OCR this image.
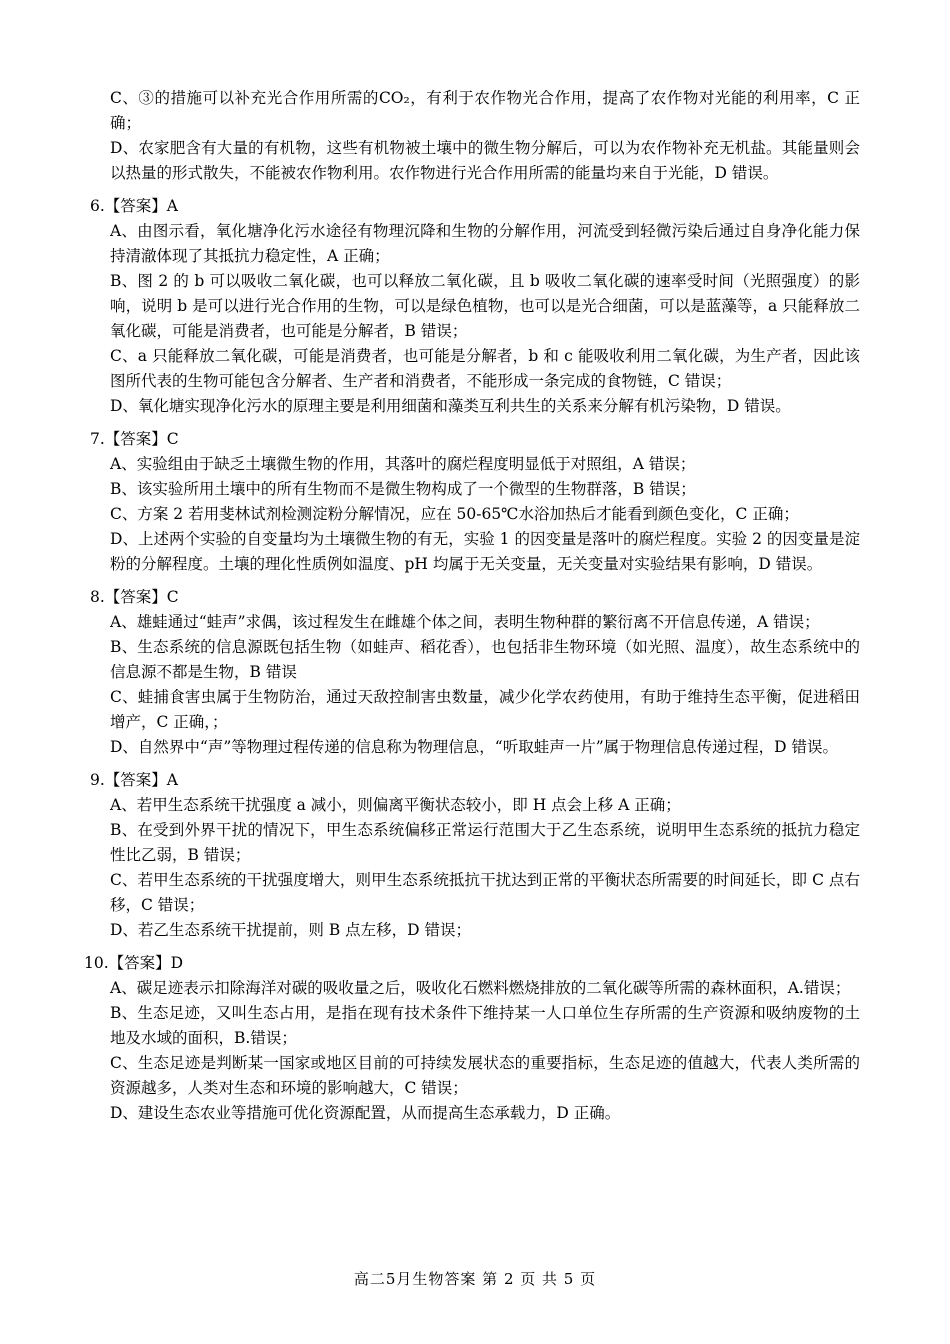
C、③的措施可以补充光合作用所需的CO₂，有利于农作物光合作用，提高了农作物对光能的利用率，C 正确；
D、农家肥含有大量的有机物，这些有机物被土壤中的微生物分解后，可以为农作物补充无机盐。其能量则会以热量的形式散失，不能被农作物利用。农作物进行光合作用所需的能量均来自于光能，D 错误。
6.【答案】A
A、由图示看，氧化塘净化污水途径有物理沉降和生物的分解作用，河流受到轻微污染后通过自身净化能力保持清澈体现了其抵抗力稳定性，A 正确；
B、图 2 的 b 可以吸收二氧化碳，也可以释放二氧化碳，且 b 吸收二氧化碳的速率受时间（光照强度）的影响，说明 b 是可以进行光合作用的生物，可以是绿色植物，也可以是光合细菌，可以是蓝藻等，a 只能释放二氧化碳，可能是消费者，也可能是分解者，B 错误；
C、a 只能释放二氧化碳，可能是消费者，也可能是分解者，b 和 c 能吸收利用二氧化碳，为生产者，因此该图所代表的生物可能包含分解者、生产者和消费者，不能形成一条完成的食物链，C 错误；
D、氧化塘实现净化污水的原理主要是利用细菌和藻类互利共生的关系来分解有机污染物，D 错误。
7.【答案】C
A、实验组由于缺乏土壤微生物的作用，其落叶的腐烂程度明显低于对照组，A 错误；
B、该实验所用土壤中的所有生物而不是微生物构成了一个微型的生物群落，B 错误；
C、方案 2 若用斐林试剂检测淀粉分解情况，应在 50-65℃水浴加热后才能看到颜色变化，C 正确；
D、上述两个实验的自变量均为土壤微生物的有无，实验 1 的因变量是落叶的腐烂程度。实验 2 的因变量是淀粉的分解程度。土壤的理化性质例如温度、pH 均属于无关变量，无关变量对实验结果有影响，D 错误。
8.【答案】C
A、雄蛙通过“蛙声”求偶，该过程发生在雌雄个体之间，表明生物种群的繁衍离不开信息传递，A 错误；
B、生态系统的信息源既包括生物（如蛙声、稻花香），也包括非生物环境（如光照、温度），故生态系统中的信息源不都是生物，B 错误
C、蛙捕食害虫属于生物防治，通过天敌控制害虫数量，减少化学农药使用，有助于维持生态平衡，促进稻田增产，C 正确，；
D、自然界中“声”等物理过程传递的信息称为物理信息，“听取蛙声一片”属于物理信息传递过程，D 错误。
9.【答案】A
A、若甲生态系统干扰强度 a 减小，则偏离平衡状态较小，即 H 点会上移 A 正确；
B、在受到外界干扰的情况下，甲生态系统偏移正常运行范围大于乙生态系统，说明甲生态系统的抵抗力稳定性比乙弱，B 错误；
C、若甲生态系统的干扰强度增大，则甲生态系统抵抗干扰达到正常的平衡状态所需要的时间延长，即 C 点右移，C 错误；
D、若乙生态系统干扰提前，则 B 点左移，D 错误；
10.【答案】D
A、碳足迹表示扣除海洋对碳的吸收量之后，吸收化石燃料燃烧排放的二氧化碳等所需的森林面积，A.错误；
B、生态足迹，又叫生态占用，是指在现有技术条件下维持某一人口单位生存所需的生产资源和吸纳废物的土地及水域的面积，B.错误；
C、生态足迹是判断某一国家或地区目前的可持续发展状态的重要指标，生态足迹的值越大，代表人类所需的资源越多，人类对生态和环境的影响越大，C 错误；
D、建设生态农业等措施可优化资源配置，从而提高生态承载力，D 正确。
高二5月生物答案 第 2 页 共 5 页
